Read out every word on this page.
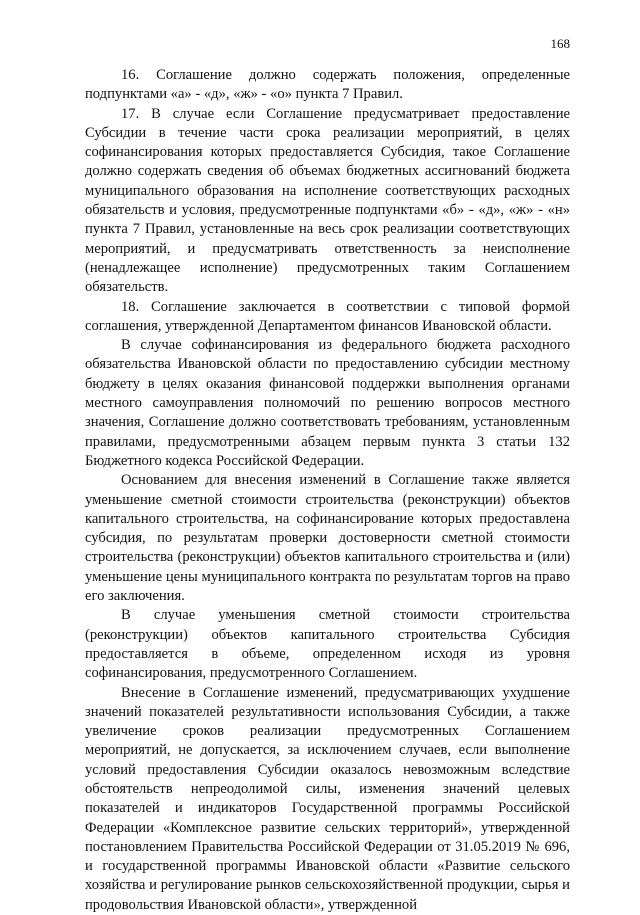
168

16. Соглашение должно содержать положения, определенные подпунктами «а» - «д», «ж» - «о» пункта 7 Правил.

17. В случае если Соглашение предусматривает предоставление Субсидии в течение части срока реализации мероприятий, в целях софинансирования которых предоставляется Субсидия, такое Соглашение должно содержать сведения об объемах бюджетных ассигнований бюджета муниципального образования на исполнение соответствующих расходных обязательств и условия, предусмотренные подпунктами «б» - «д», «ж» - «н» пункта 7 Правил, установленные на весь срок реализации соответствующих мероприятий, и предусматривать ответственность за неисполнение (ненадлежащее исполнение) предусмотренных таким Соглашением обязательств.

18. Соглашение заключается в соответствии с типовой формой соглашения, утвержденной Департаментом финансов Ивановской области.

В случае софинансирования из федерального бюджета расходного обязательства Ивановской области по предоставлению субсидии местному бюджету в целях оказания финансовой поддержки выполнения органами местного самоуправления полномочий по решению вопросов местного значения, Соглашение должно соответствовать требованиям, установленным правилами, предусмотренными абзацем первым пункта 3 статьи 132 Бюджетного кодекса Российской Федерации.

Основанием для внесения изменений в Соглашение также является уменьшение сметной стоимости строительства (реконструкции) объектов капитального строительства, на софинансирование которых предоставлена субсидия, по результатам проверки достоверности сметной стоимости строительства (реконструкции) объектов капитального строительства и (или) уменьшение цены муниципального контракта по результатам торгов на право его заключения.

В случае уменьшения сметной стоимости строительства (реконструкции) объектов капитального строительства Субсидия предоставляется в объеме, определенном исходя из уровня софинансирования, предусмотренного Соглашением.

Внесение в Соглашение изменений, предусматривающих ухудшение значений показателей результативности использования Субсидии, а также увеличение сроков реализации предусмотренных Соглашением мероприятий, не допускается, за исключением случаев, если выполнение условий предоставления Субсидии оказалось невозможным вследствие обстоятельств непреодолимой силы, изменения значений целевых показателей и индикаторов Государственной программы Российской Федерации «Комплексное развитие сельских территорий», утвержденной постановлением Правительства Российской Федерации от 31.05.2019 № 696, и государственной программы Ивановской области «Развитие сельского хозяйства и регулирование рынков сельскохозяйственной продукции, сырья и продовольствия Ивановской области», утвержденной
